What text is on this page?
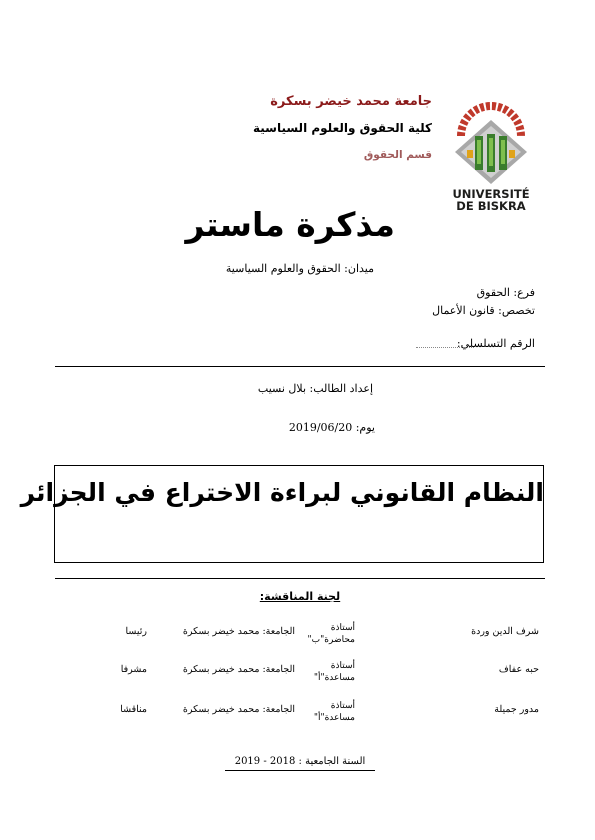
UNIVERSITÉ
DE BISKRA
جامعة محمد خيضر بسكرة
كلية الحقوق والعلوم السياسية
قسم الحقوق
مذكرة ماستر
ميدان: الحقوق والعلوم السياسية
فرع: الحقوق
تخصص: قانون الأعمال
الرقم التسلسلي:
إعداد الطالب: بلال نسيب
يوم: 2019/06/20
النظام القانوني لبراءة الاختراع في الجزائر
لجنة المناقشة:
شرف الدين وردة
أستاذة
محاضرة"ب"
الجامعة: محمد خيضر بسكرة
رئيسا
حبه عفاف
أستاذة
مساعدة"أ"
الجامعة: محمد خيضر بسكرة
مشرفا
مدور جميلة
أستاذة
مساعدة"أ"
الجامعة: محمد خيضر بسكرة
مناقشا
السنة الجامعية : 2018 - 2019
